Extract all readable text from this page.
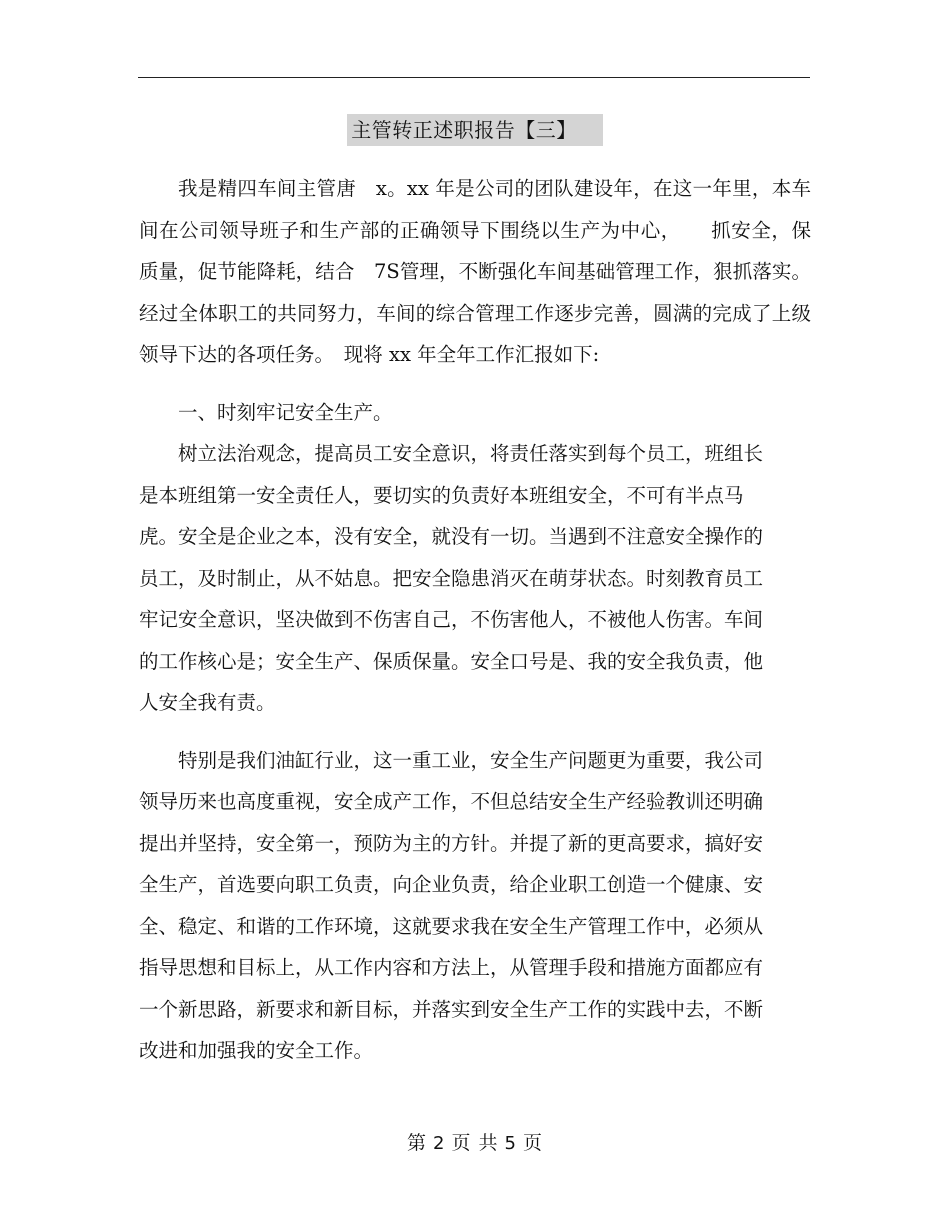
主管转正述职报告【三】

我是精四车间主管唐　x。xx 年是公司的团队建设年，在这一年里，本车间在公司领导班子和生产部的正确领导下围绕以生产为中心，　　抓安全，保质量，促节能降耗，结合　7S管理，不断强化车间基础管理工作，狠抓落实。经过全体职工的共同努力，车间的综合管理工作逐步完善，圆满的完成了上级领导下达的各项任务。　现将 xx 年全年工作汇报如下:

一、时刻牢记安全生产。

树立法治观念，提高员工安全意识，将责任落实到每个员工，班组长是本班组第一安全责任人，要切实的负责好本班组安全，不可有半点马虎。安全是企业之本，没有安全，就没有一切。当遇到不注意安全操作的员工，及时制止，从不姑息。把安全隐患消灭在萌芽状态。时刻教育员工牢记安全意识，坚决做到不伤害自己，不伤害他人，不被他人伤害。车间的工作核心是；安全生产、保质保量。安全口号是、我的安全我负责，他人安全我有责。

特别是我们油缸行业，这一重工业，安全生产问题更为重要，我公司领导历来也高度重视，安全成产工作，不但总结安全生产经验教训还明确提出并坚持，安全第一，预防为主的方针。并提了新的更高要求，搞好安全生产，首选要向职工负责，向企业负责，给企业职工创造一个健康、安全、稳定、和谐的工作环境，这就要求我在安全生产管理工作中，必须从指导思想和目标上，从工作内容和方法上，从管理手段和措施方面都应有一个新思路，新要求和新目标，并落实到安全生产工作的实践中去，不断改进和加强我的安全工作。

第 2 页 共 5 页
